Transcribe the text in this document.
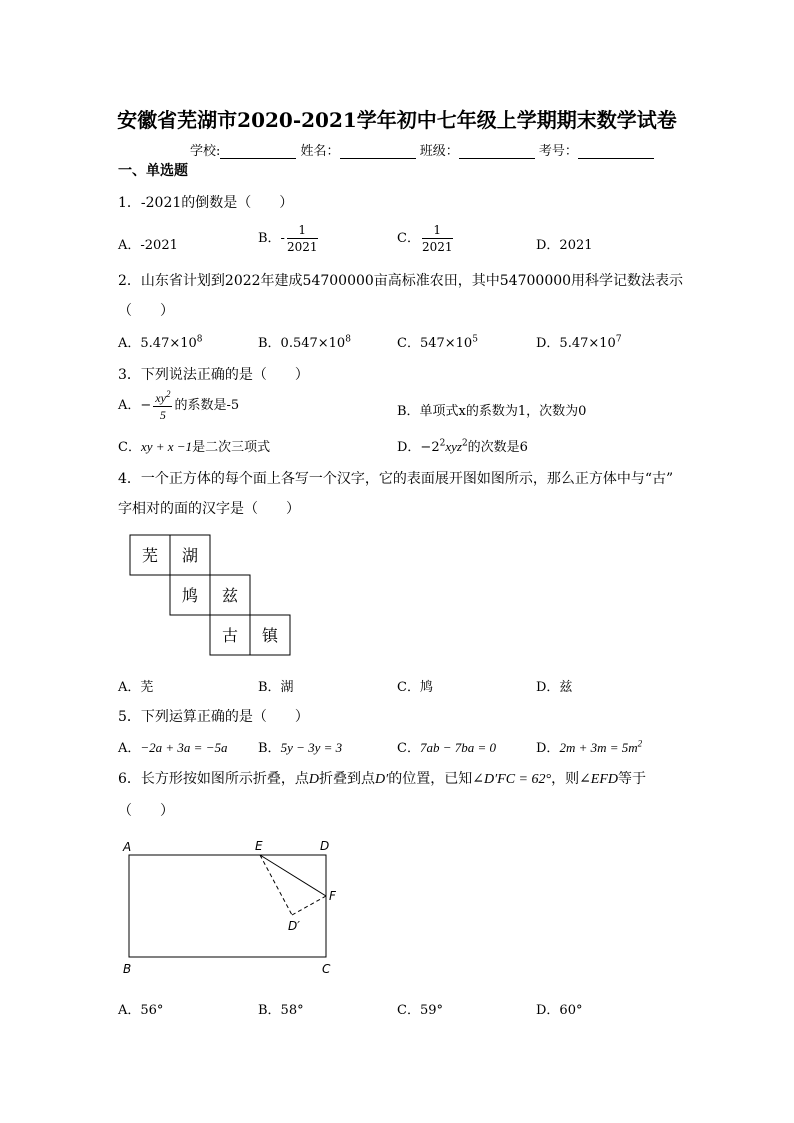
安徽省芜湖市2020-2021学年初中七年级上学期期末数学试卷
学校:	姓名：	班级：	考号：
一、单选题
1．-2021的倒数是（　　）
A．-2021	B．- $\frac{1}{2021}$	C． $\frac{1}{2021}$	D．2021
2．山东省计划到2022年建成54700000亩高标准农田，其中54700000用科学记数法表示
（　　）
A．$5.47\times 10^8$	B．$0.547\times 10^8$	C．$547\times 10^5$	D．$5.47\times 10^7$
3．下列说法正确的是（　　）
A．− $\frac{xy^2}{5}$ 的系数是-5	B．单项式x的系数为1，次数为0
C．xy + x −1是二次三项式	D．$-2^2xyz^2$的次数是6
4．一个正方体的每个面上各写一个汉字，它的表面展开图如图所示，那么正方体中与“古”
字相对的面的汉字是（　　）
芜 湖
鸠 兹
古 镇
A．芜	B．湖	C．鸠	D．兹
5．下列运算正确的是（　　）
A．−2a + 3a = −5a B．5y − 3y = 3	C．7ab − 7ba = 0	D．$2m + 3m = 5m^2$
6．长方形按如图所示折叠，点D折叠到点D′的位置，已知∠D′FC = 62°，则∠EFD等于
（　　）
A	E	D
F
D′
B	C
A．56°	B．58°	C．59°	D．60°
